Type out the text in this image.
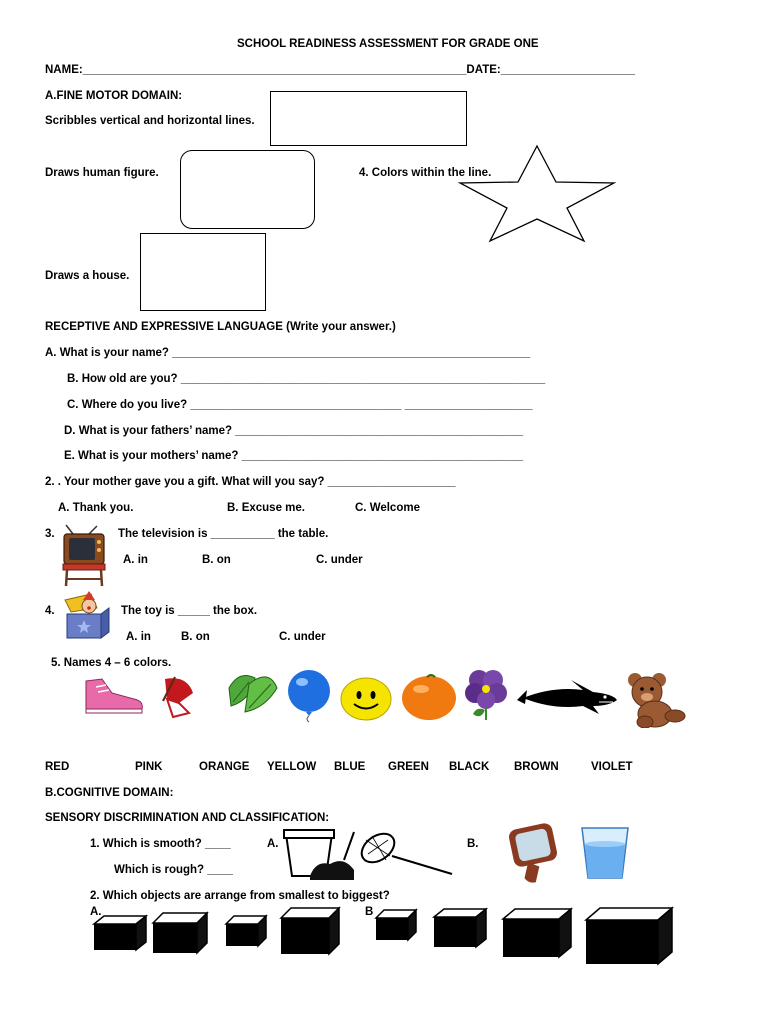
SCHOOL READINESS ASSESSMENT FOR GRADE ONE
NAME:____________________________________________________________DATE:_____________________
A.FINE MOTOR DOMAIN:
Scribbles vertical and horizontal lines.
Draws human figure.	4. Colors within the line.
Draws a house.
RECEPTIVE AND EXPRESSIVE LANGUAGE (Write your answer.)
A. What is your name? ________________________________________________________
B. How old are you? _________________________________________________________
C. Where do you live? _________________________________ ____________________
D. What is your fathers’ name? _____________________________________________
E. What is your mothers’ name? ____________________________________________
2. . Your mother gave you a gift. What will you say? ____________________
A. Thank you.	B. Excuse me.	C. Welcome
3.	The television is __________ the table.
A. in	B. on	C. under
4.	The toy is _____ the box.
A. in	B. on	C. under
5. Names 4 – 6 colors.
RED	PINK	ORANGE YELLOW BLUE GREEN BLACK BROWN	VIOLET
B.COGNITIVE DOMAIN:
SENSORY DISCRIMINATION AND CLASSIFICATION:
1. Which is smooth? ____	A.	B.
Which is rough? ____
2. Which objects are arrange from smallest to biggest?
A.	B
